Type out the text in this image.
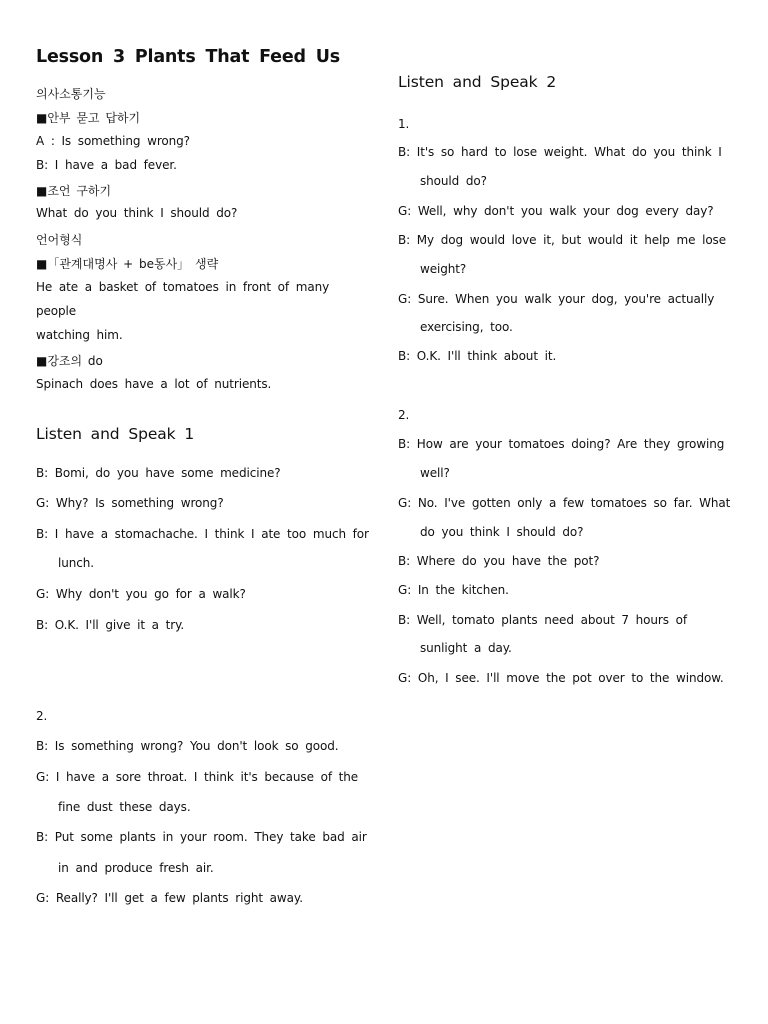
Lesson 3 Plants That Feed Us
의사소통기능
■안부 묻고 답하기
A : Is something wrong?
B: I have a bad fever.
■조언 구하기
What do you think I should do?
언어형식
■「관계대명사 + be동사」 생략
He ate a basket of tomatoes in front of many
people
watching him.
■강조의 do
Spinach does have a lot of nutrients.
Listen and Speak 1
B: Bomi, do you have some medicine?
G: Why? Is something wrong?
B: I have a stomachache. I think I ate too much for
lunch.
G: Why don't you go for a walk?
B: O.K. I'll give it a try.
2.
B: Is something wrong? You don't look so good.
G: I have a sore throat. I think it's because of the
fine dust these days.
B: Put some plants in your room. They take bad air
in and produce fresh air.
G: Really? I'll get a few plants right away.
Listen and Speak 2
1.
B: It's so hard to lose weight. What do you think I
should do?
G: Well, why don't you walk your dog every day?
B: My dog would love it, but would it help me lose
weight?
G: Sure. When you walk your dog, you're actually
exercising, too.
B: O.K. I'll think about it.
2.
B: How are your tomatoes doing? Are they growing
well?
G: No. I've gotten only a few tomatoes so far. What
do you think I should do?
B: Where do you have the pot?
G: In the kitchen.
B: Well, tomato plants need about 7 hours of
sunlight a day.
G: Oh, I see. I'll move the pot over to the window.
